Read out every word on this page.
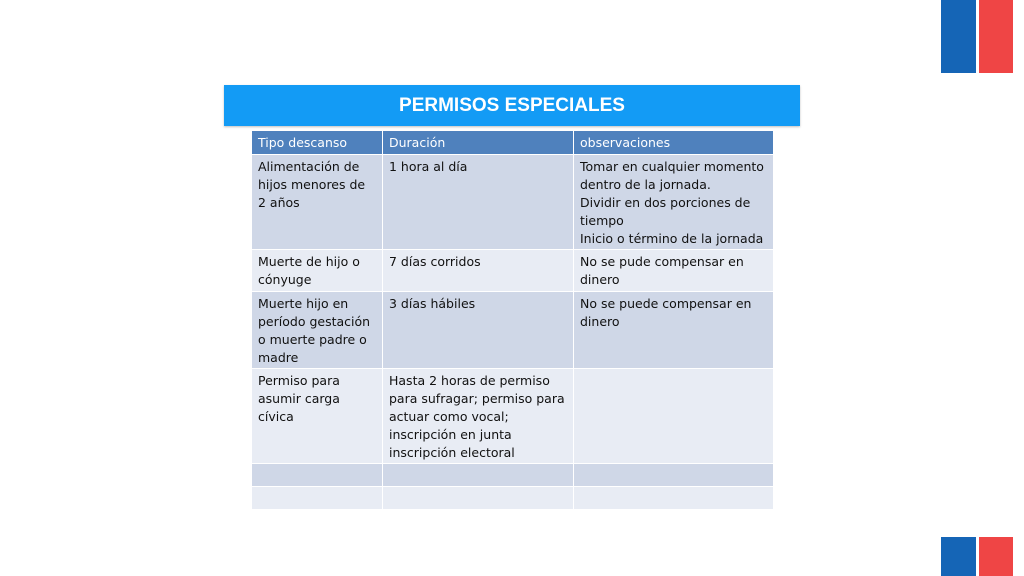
PERMISOS ESPECIALES
Tipo descanso	Duración	observaciones
Alimentación de hijos menores de 2 años	1 hora al día	Tomar en cualquier momento dentro de la jornada.
Dividir en dos porciones de tiempo
Inicio o término de la jornada

Muerte de hijo o cónyuge	7 días corridos	No se pude compensar en dinero

Muerte hijo en período gestación o muerte padre o madre	3 días hábiles	No se puede compensar en dinero

Permiso para asumir carga cívica	Hasta 2 horas de permiso para sufragar; permiso para actuar como vocal; inscripción en junta inscripción electoral	
